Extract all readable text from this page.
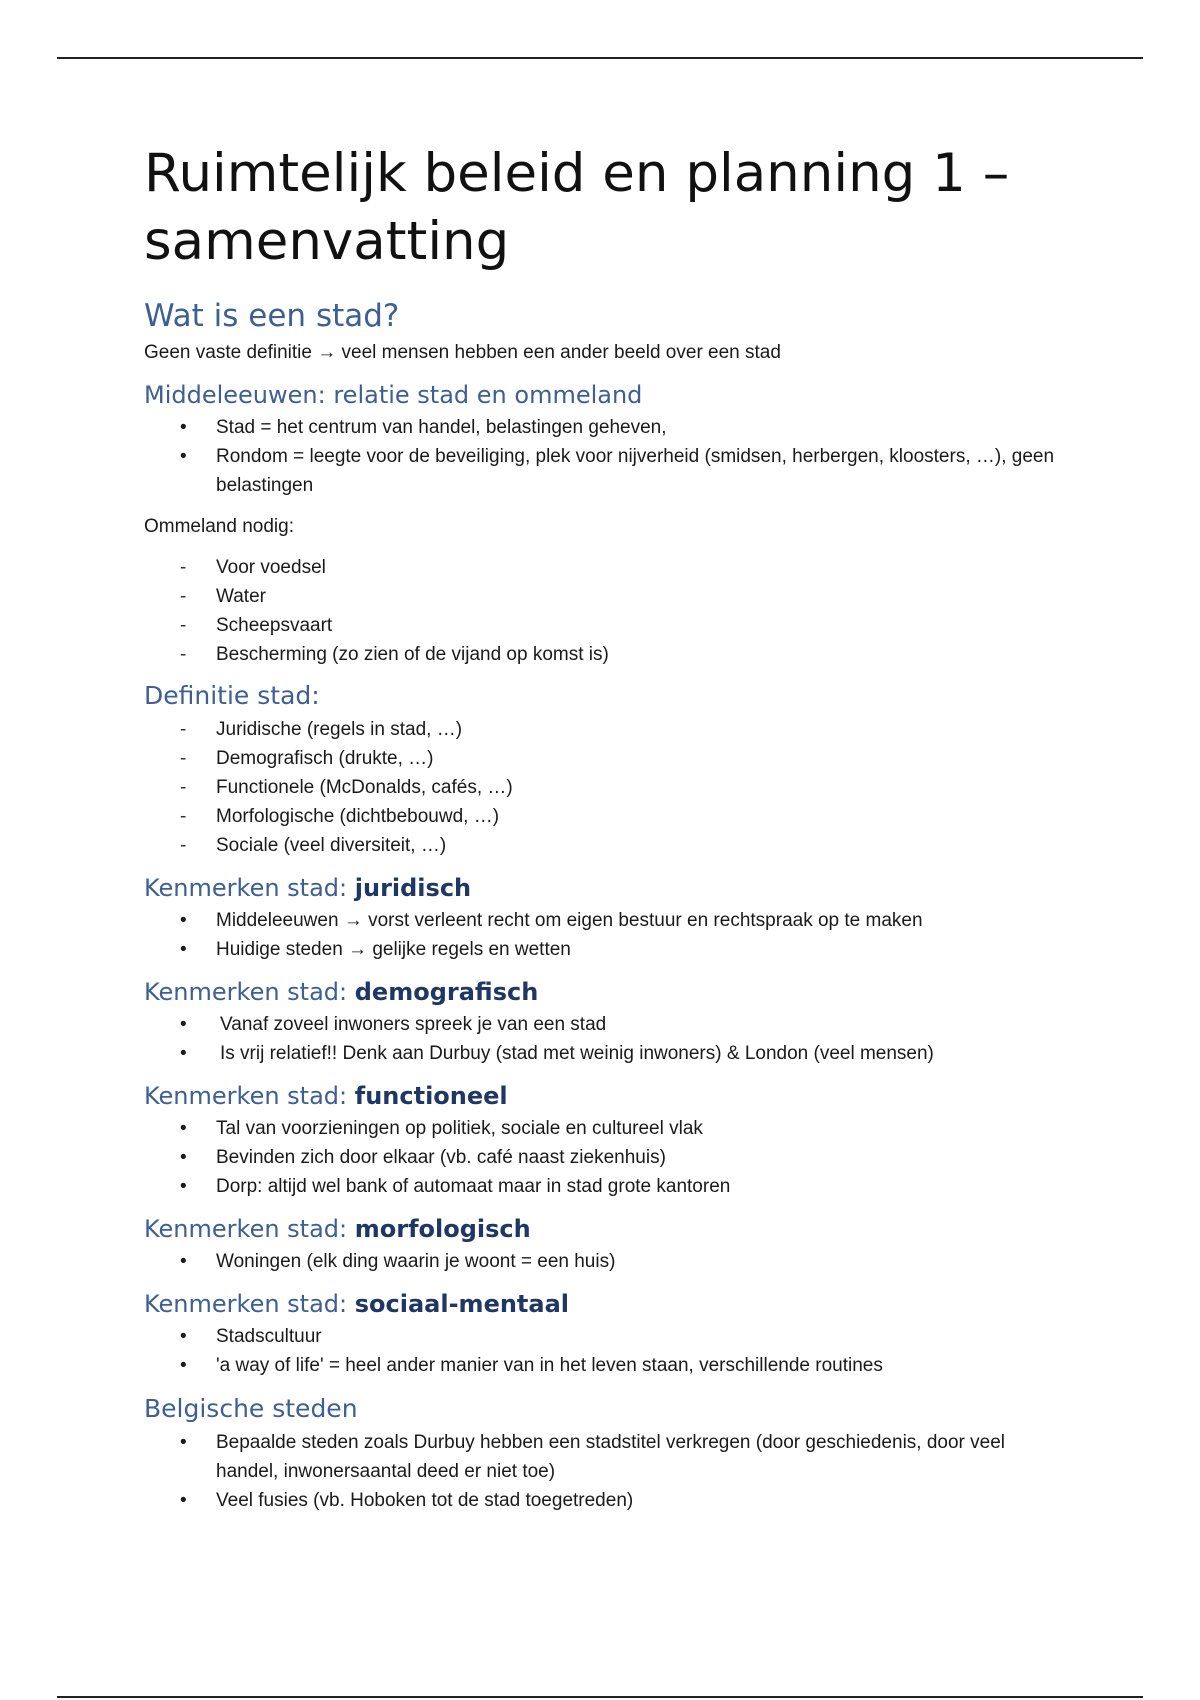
Ruimtelijk beleid en planning 1 – samenvatting
Wat is een stad?

Geen vaste definitie → veel mensen hebben een ander beeld over een stad

Middeleeuwen: relatie stad en ommeland
•	Stad = het centrum van handel, belastingen geheven,
•	Rondom = leegte voor de beveiliging, plek voor nijverheid (smidsen, herbergen, kloosters, …), geen belastingen

Ommeland nodig:

-	Voor voedsel
-	Water
-	Scheepsvaart
-	Bescherming (zo zien of de vijand op komst is)
Definitie stad:
-	Juridische (regels in stad, …)
-	Demografisch (drukte, …)
-	Functionele (McDonalds, cafés, …)
-	Morfologische (dichtbebouwd, …)
-	Sociale (veel diversiteit, …)
Kenmerken stad: juridisch
•	Middeleeuwen → vorst verleent recht om eigen bestuur en rechtspraak op te maken
•	Huidige steden → gelijke regels en wetten
Kenmerken stad: demografisch
•	Vanaf zoveel inwoners spreek je van een stad
•	Is vrij relatief!! Denk aan Durbuy (stad met weinig inwoners) & London (veel mensen)
Kenmerken stad: functioneel
•	Tal van voorzieningen op politiek, sociale en cultureel vlak
•	Bevinden zich door elkaar (vb. café naast ziekenhuis)
•	Dorp: altijd wel bank of automaat maar in stad grote kantoren
Kenmerken stad: morfologisch
•	Woningen (elk ding waarin je woont = een huis)
Kenmerken stad: sociaal-mentaal
•	Stadscultuur
•	'a way of life' = heel ander manier van in het leven staan, verschillende routines
Belgische steden
•	Bepaalde steden zoals Durbuy hebben een stadstitel verkregen (door geschiedenis, door veel handel, inwonersaantal deed er niet toe)
•	Veel fusies (vb. Hoboken tot de stad toegetreden)
